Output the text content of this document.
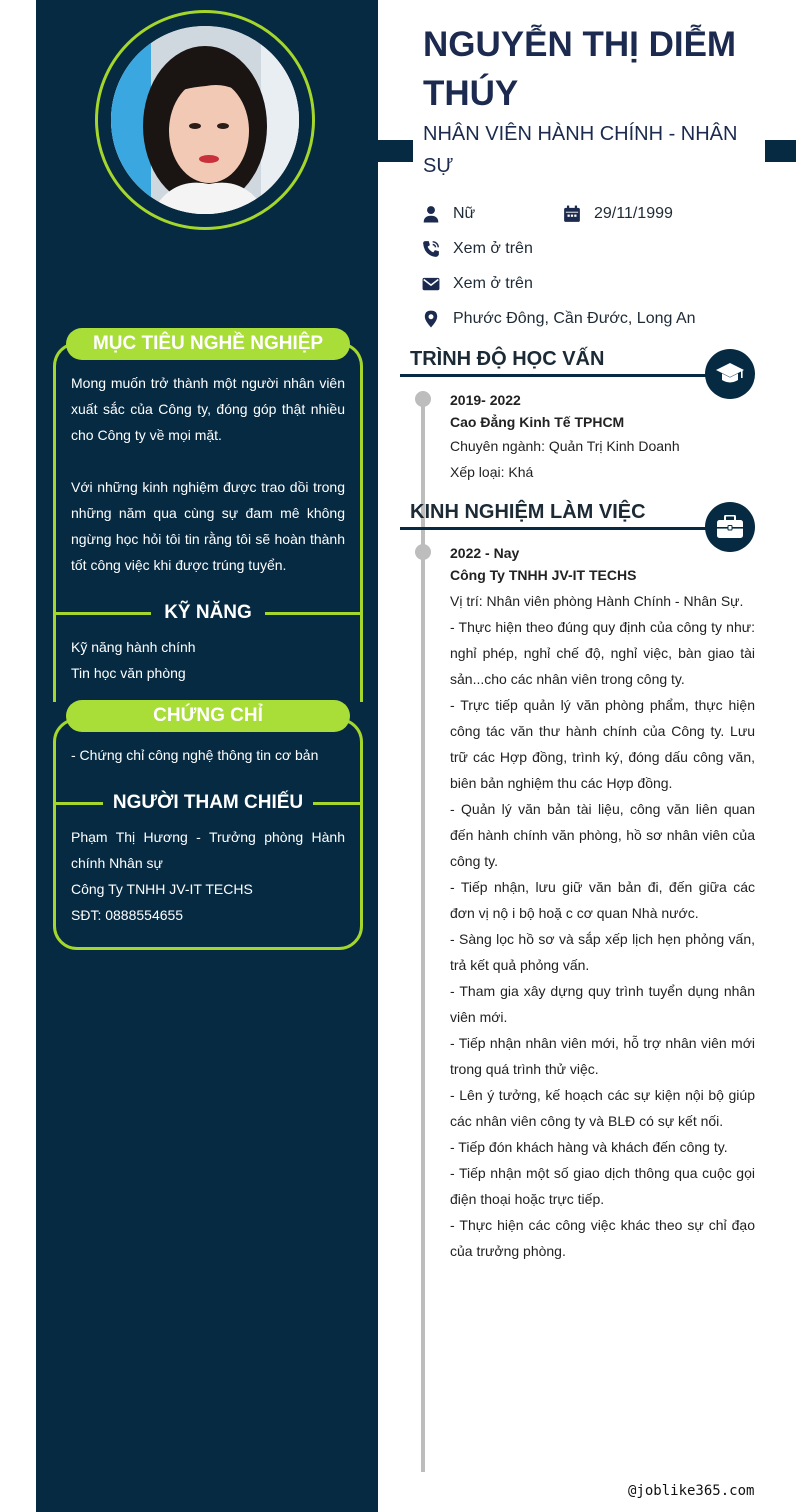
MỤC TIÊU NGHỀ NGHIỆP
Mong muốn trở thành một người nhân viên xuất sắc của Công ty, đóng góp thật nhiều cho Công ty về mọi mặt.
Với những kinh nghiệm được trao dồi trong những năm qua cùng sự đam mê không ngừng học hỏi tôi tin rằng tôi sẽ hoàn thành tốt công việc khi được trúng tuyển.
KỸ NĂNG
Kỹ năng hành chính
Tin học văn phòng
CHỨNG CHỈ
- Chứng chỉ công nghệ thông tin cơ bản
NGƯỜI THAM CHIẾU
Phạm Thị Hương - Trưởng phòng Hành chính Nhân sự
Công Ty TNHH JV-IT TECHS
SĐT: 0888554655
NGUYỄN THỊ DIỄM
THÚY
NHÂN VIÊN HÀNH CHÍNH - NHÂN
SỰ
Nữ	29/11/1999
Xem ở trên
Xem ở trên
Phước Đông, Cần Đước, Long An
TRÌNH ĐỘ HỌC VẤN
2019- 2022
Cao Đẳng Kinh Tế TPHCM
Chuyên ngành: Quản Trị Kinh Doanh
Xếp loại: Khá
KINH NGHIỆM LÀM VIỆC
2022 - Nay
Công Ty TNHH JV-IT TECHS
Vị trí: Nhân viên phòng Hành Chính - Nhân Sự.
- Thực hiện theo đúng quy định của công ty như: nghỉ phép, nghỉ chế độ, nghỉ việc, bàn giao tài sản...cho các nhân viên trong công ty.
- Trực tiếp quản lý văn phòng phẩm, thực hiện công tác văn thư hành chính của Công ty. Lưu trữ các Hợp đồng, trình ký, đóng dấu công văn, biên bản nghiệm thu các Hợp đồng.
- Quản lý văn bản tài liệu, công văn liên quan đến hành chính văn phòng, hồ sơ nhân viên của công ty.
- Tiếp nhận, lưu giữ văn bản đi, đến giữa các đơn vị nộ i bộ hoặ c cơ quan Nhà nước.
- Sàng lọc hồ sơ và sắp xếp lịch hẹn phỏng vấn, trả kết quả phỏng vấn.
- Tham gia xây dựng quy trình tuyển dụng nhân viên mới.
- Tiếp nhận nhân viên mới, hỗ trợ nhân viên mới trong quá trình thử việc.
- Lên ý tưởng, kế hoạch các sự kiện nội bộ giúp các nhân viên công ty và BLĐ có sự kết nối.
- Tiếp đón khách hàng và khách đến công ty.
- Tiếp nhận một số giao dịch thông qua cuộc gọi điện thoại hoặc trực tiếp.
- Thực hiện các công việc khác theo sự chỉ đạo của trưởng phòng.
@joblike365.com
